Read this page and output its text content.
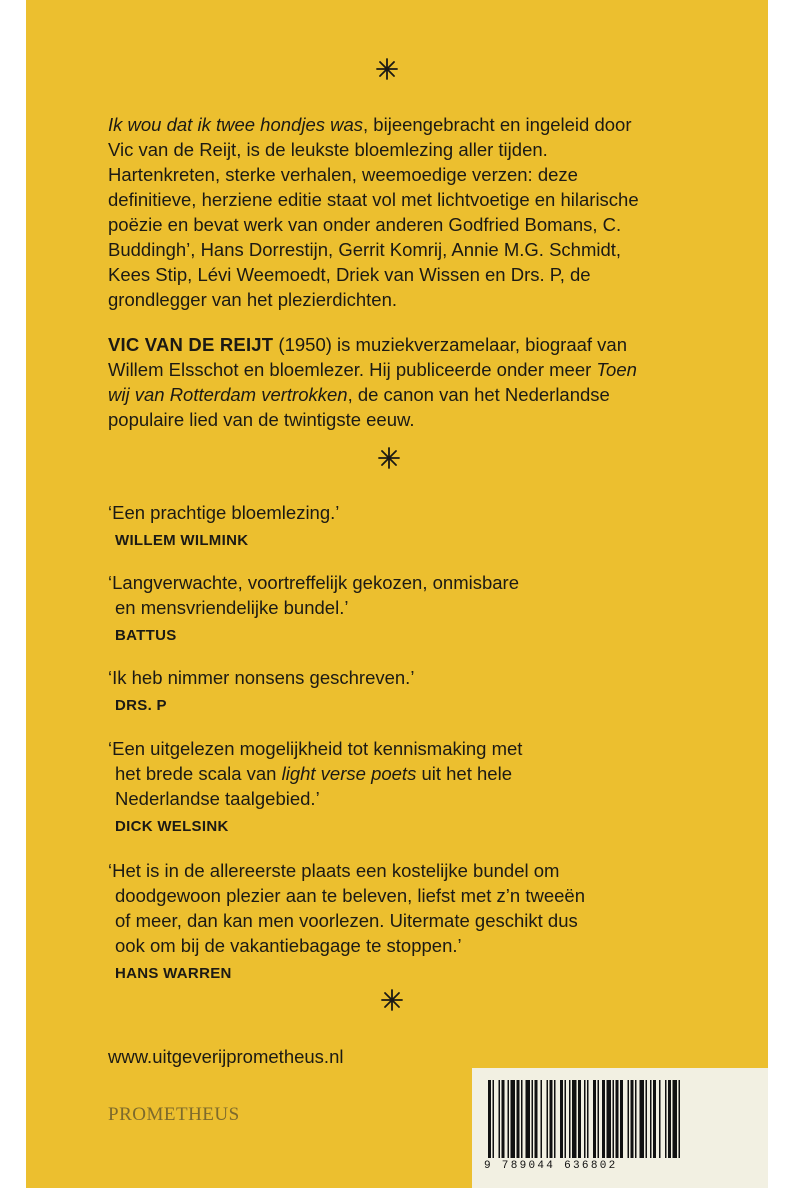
Ik wou dat ik twee hondjes was, bijeengebracht en ingeleid door Vic van de Reijt, is de leukste bloemlezing aller tijden. Hartenkreten, sterke verhalen, weemoedige verzen: deze definitieve, herziene editie staat vol met lichtvoetige en hilarische poëzie en bevat werk van onder anderen Godfried Bomans, C. Buddingh’, Hans Dorrestijn, Gerrit Komrij, Annie M.G. Schmidt, Kees Stip, Lévi Weemoedt, Driek van Wissen en Drs. P, de grondlegger van het plezierdichten.

VIC VAN DE REIJT (1950) is muziekverzamelaar, biograaf van Willem Elsschot en bloemlezer. Hij publiceerde onder meer Toen wij van Rotterdam vertrokken, de canon van het Nederlandse populaire lied van de twintigste eeuw.

‘Een prachtige bloemlezing.’
WILLEM WILMINK
‘Langverwachte, voortreffelijk gekozen, onmisbare
en mensvriendelijke bundel.’
BATTUS
‘Ik heb nimmer nonsens geschreven.’
DRS. P
‘Een uitgelezen mogelijkheid tot kennismaking met
het brede scala van light verse poets uit het hele
Nederlandse taalgebied.’
DICK WELSINK
‘Het is in de allereerste plaats een kostelijke bundel om
doodgewoon plezier aan te beleven, liefst met z’n tweeën
of meer, dan kan men voorlezen. Uitermate geschikt dus
ook om bij de vakantiebagage te stoppen.’
HANS WARREN
www.uitgeverijprometheus.nl
PROMETHEUS
9 789044 636802
